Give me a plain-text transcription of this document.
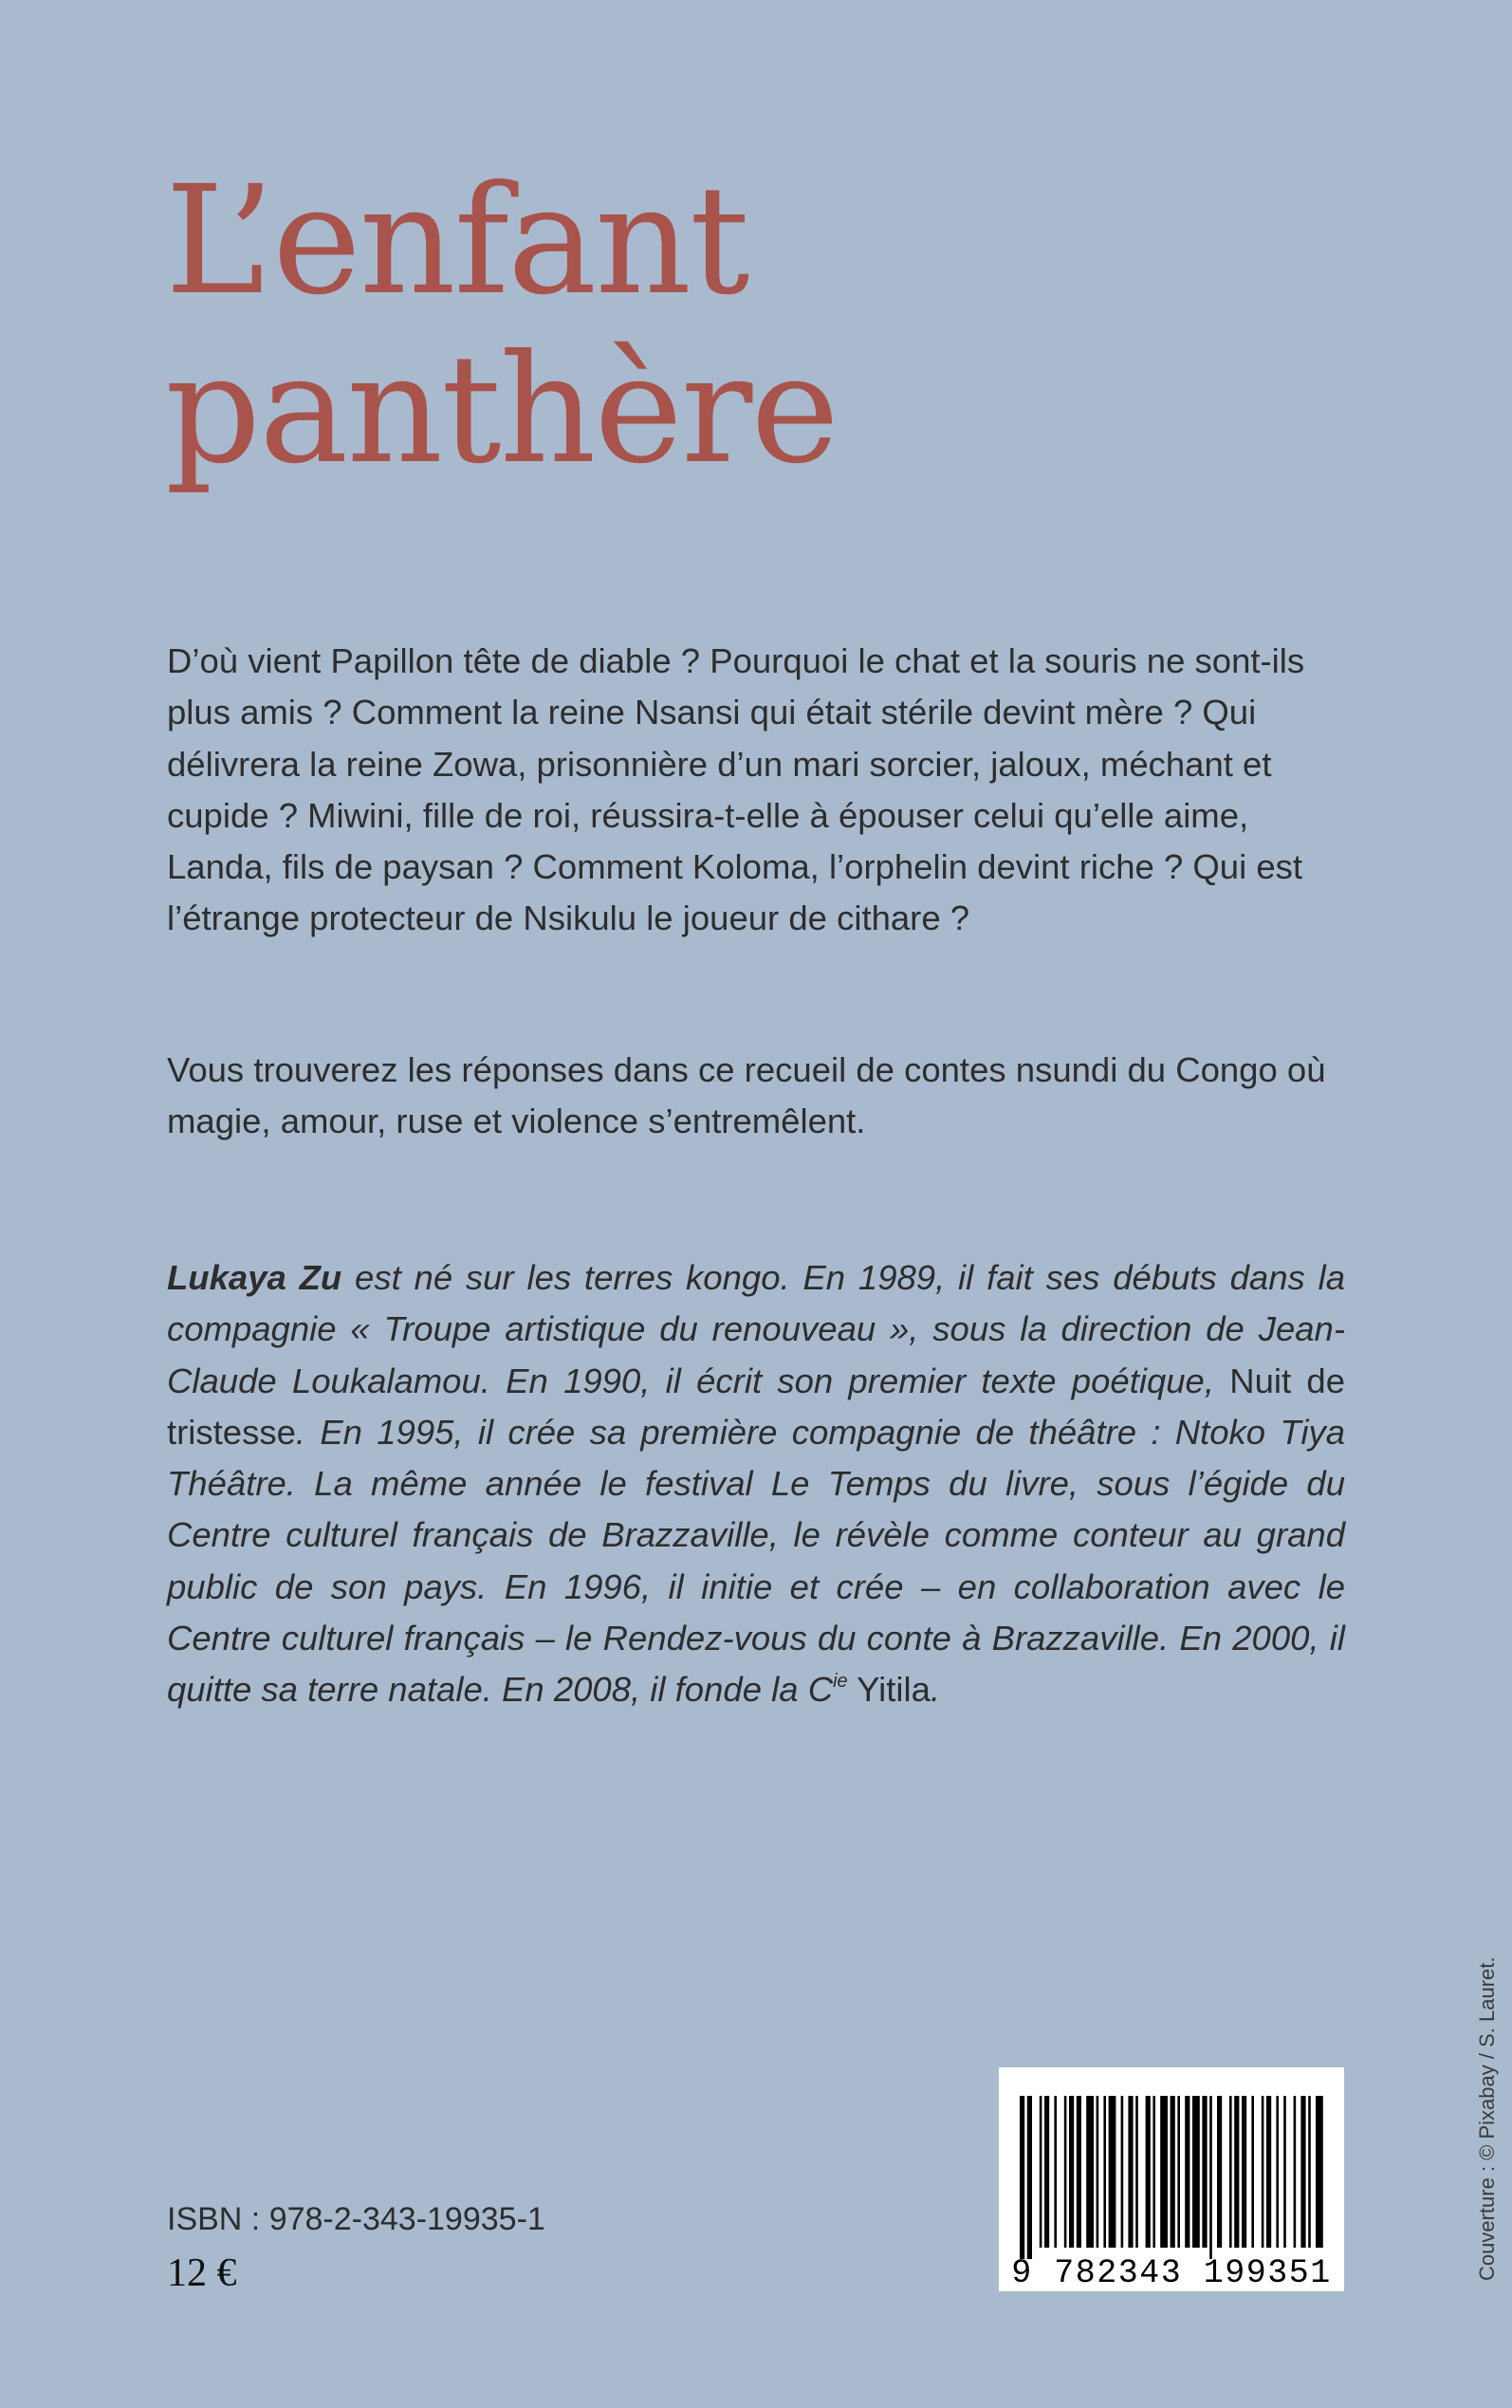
L’enfant
panthère

D’où vient Papillon tête de diable ? Pourquoi le chat et la souris ne sont-ils plus amis ? Comment la reine Nsansi qui était stérile devint mère ? Qui délivrera la reine Zowa, prisonnière d’un mari sorcier, jaloux, méchant et cupide ? Miwini, fille de roi, réussira-t-elle à épouser celui qu’elle aime, Landa, fils de paysan ? Comment Koloma, l’orphelin devint riche ? Qui est l’étrange protecteur de Nsikulu le joueur de cithare ?

Vous trouverez les réponses dans ce recueil de contes nsundi du Congo où magie, amour, ruse et violence s’entremêlent.

Lukaya Zu est né sur les terres kongo. En 1989, il fait ses débuts dans la compagnie « Troupe artistique du renouveau », sous la direction de Jean-Claude Loukalamou. En 1990, il écrit son premier texte poétique, Nuit de tristesse. En 1995, il crée sa première compagnie de théâtre : Ntoko Tiya Théâtre. La même année le festival Le Temps du livre, sous l’égide du Centre culturel français de Brazzaville, le révèle comme conteur au grand public de son pays. En 1996, il initie et crée – en collaboration avec le Centre culturel français – le Rendez-vous du conte à Brazzaville. En 2000, il quitte sa terre natale. En 2008, il fonde la $C^{ie}$ Yitila.

ISBN : 978-2-343-19935-1
12 €	9 782343 199351	Couverture : © Pixabay / S. Lauret.
